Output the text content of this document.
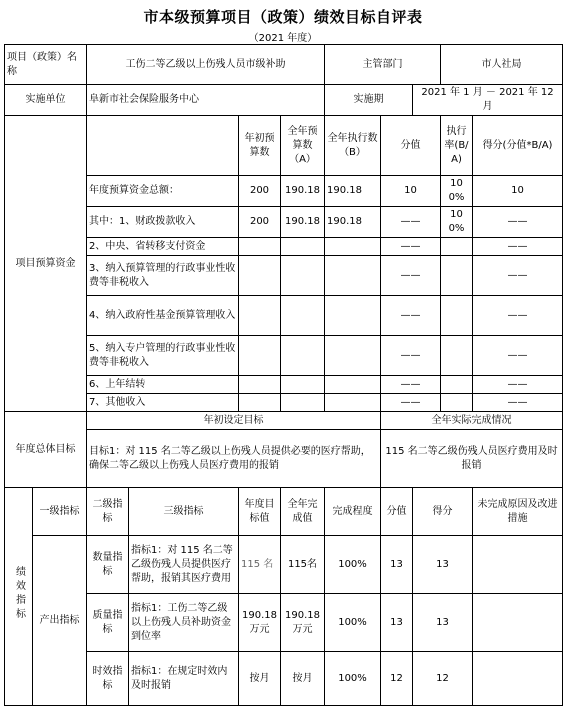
市本级预算项目（政策）绩效目标自评表
（2021 年度）
项目（政策）名称		工伤二等乙级以上伤残人员市级补助				主管部门			市人社局	
实施单位		阜新市社会保险服务中心				实施期		2021 年 1 月 － 2021 年 12 月		
项目预算资金				年初预算数	全年预算数（A）	全年执行数（B）	分值		执行率(B/A)	得分(分值*B/A)
		年度预算资金总额：		200	190.18	190.18	10		100%	10
		其中：1、财政拨款收入		200	190.18	190.18	——		100%	——
		2、中央、省转移支付资金					——			——
		3、纳入预算管理的行政事业性收费等非税收入					——			——
		4、纳入政府性基金预算管理收入					——			——
		5、纳入专户管理的行政事业性收费等非税收入					——			——
		6、上年结转					——			——
		7、其他收入					——			——
年度总体目标		年初设定目标					全年实际完成情况			
		目标1：对 115 名二等乙级以上伤残人员提供必要的医疗帮助，确保二等乙级以上伤残人员医疗费用的报销					115 名二等乙级伤残人员医疗费用及时报销			
绩效指标	一级指标	二级指标	三级指标	年度目标值	全年完成值	完成程度	分值	得分		未完成原因及改进措施
	产出指标	数量指标	指标1：对 115 名二等乙级伤残人员提供医疗帮助，报销其医疗费用	115 名	115名	100%	13	13		
		质量指标	指标1：工伤二等乙级以上伤残人员补助资金到位率	190.18 万元	190.18 万元	100%	13	13		
		时效指标	指标1：在规定时效内及时报销	按月	按月	100%	12	12		
